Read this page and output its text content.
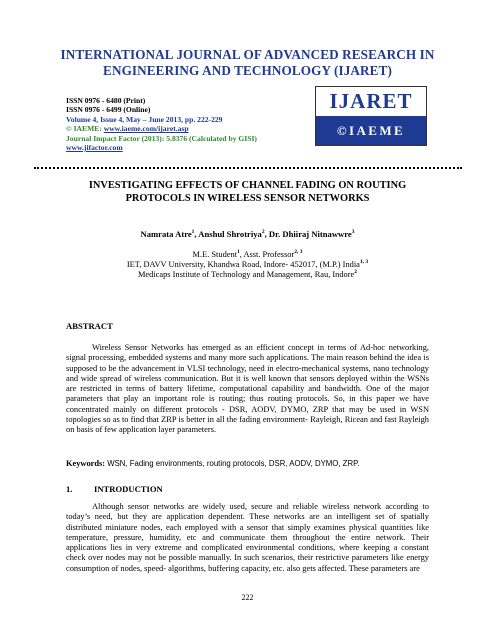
INTERNATIONAL JOURNAL OF ADVANCED RESEARCH IN
ENGINEERING AND TECHNOLOGY (IJARET)
ISSN 0976 - 6480 (Print)
ISSN 0976 - 6499 (Online)
Volume 4, Issue 4, May – June 2013, pp. 222-229
© IAEME: www.iaeme.com/ijaret.asp
Journal Impact Factor (2013): 5.8376 (Calculated by GISI)
www.jifactor.com
IJARET
©IAEME
INVESTIGATING EFFECTS OF CHANNEL FADING ON ROUTING
PROTOCOLS IN WIRELESS SENSOR NETWORKS
Namrata Atre$^1$, Anshul Shrotriya$^2$, Dr. Dhiiraj Nitnawwre$^3$
M.E. Student$^1$, Asst. Professor$^{2, 3}$
IET, DAVV University, Khandwa Road, Indore- 452017, (M.P.) India$^{1, 3}$
Medicaps Institute of Technology and Management, Rau, Indore$^2$
ABSTRACT
Wireless Sensor Networks has emerged as an efficient concept in terms of Ad-hoc networking, signal processing, embedded systems and many more such applications. The main reason behind the idea is supposed to be the advancement in VLSI technology, need in electro-mechanical systems, nano technology and wide spread of wireless communication. But it is well known that sensors deployed within the WSNs are restricted in terms of battery lifetime, computational capability and bandwidth. One of the major parameters that play an important role is routing; thus routing protocols. So, in this paper we have concentrated mainly on different protocols - DSR, AODV, DYMO, ZRP that may be used in WSN topologies so as to find that ZRP is better in all the fading environment- Rayleigh, Ricean and fast Rayleigh on basis of few application layer parameters.
Keywords: WSN, Fading environments, routing protocols, DSR, AODV, DYMO, ZRP.
1.	INTRODUCTION
Although sensor networks are widely used, secure and reliable wireless network according to today’s need, but they are application dependent. These networks are an intelligent set of spatially distributed miniature nodes, each employed with a sensor that simply examines physical quantities like temperature, pressure, humidity, etc and communicate them throughout the entire network. Their applications lies in very extreme and complicated environmental conditions, where keeping a constant check over nodes may not be possible manually. In such scenarios, their restrictive parameters like energy consumption of nodes, speed- algorithms, buffering capacity, etc. also gets affected. These parameters are
222
